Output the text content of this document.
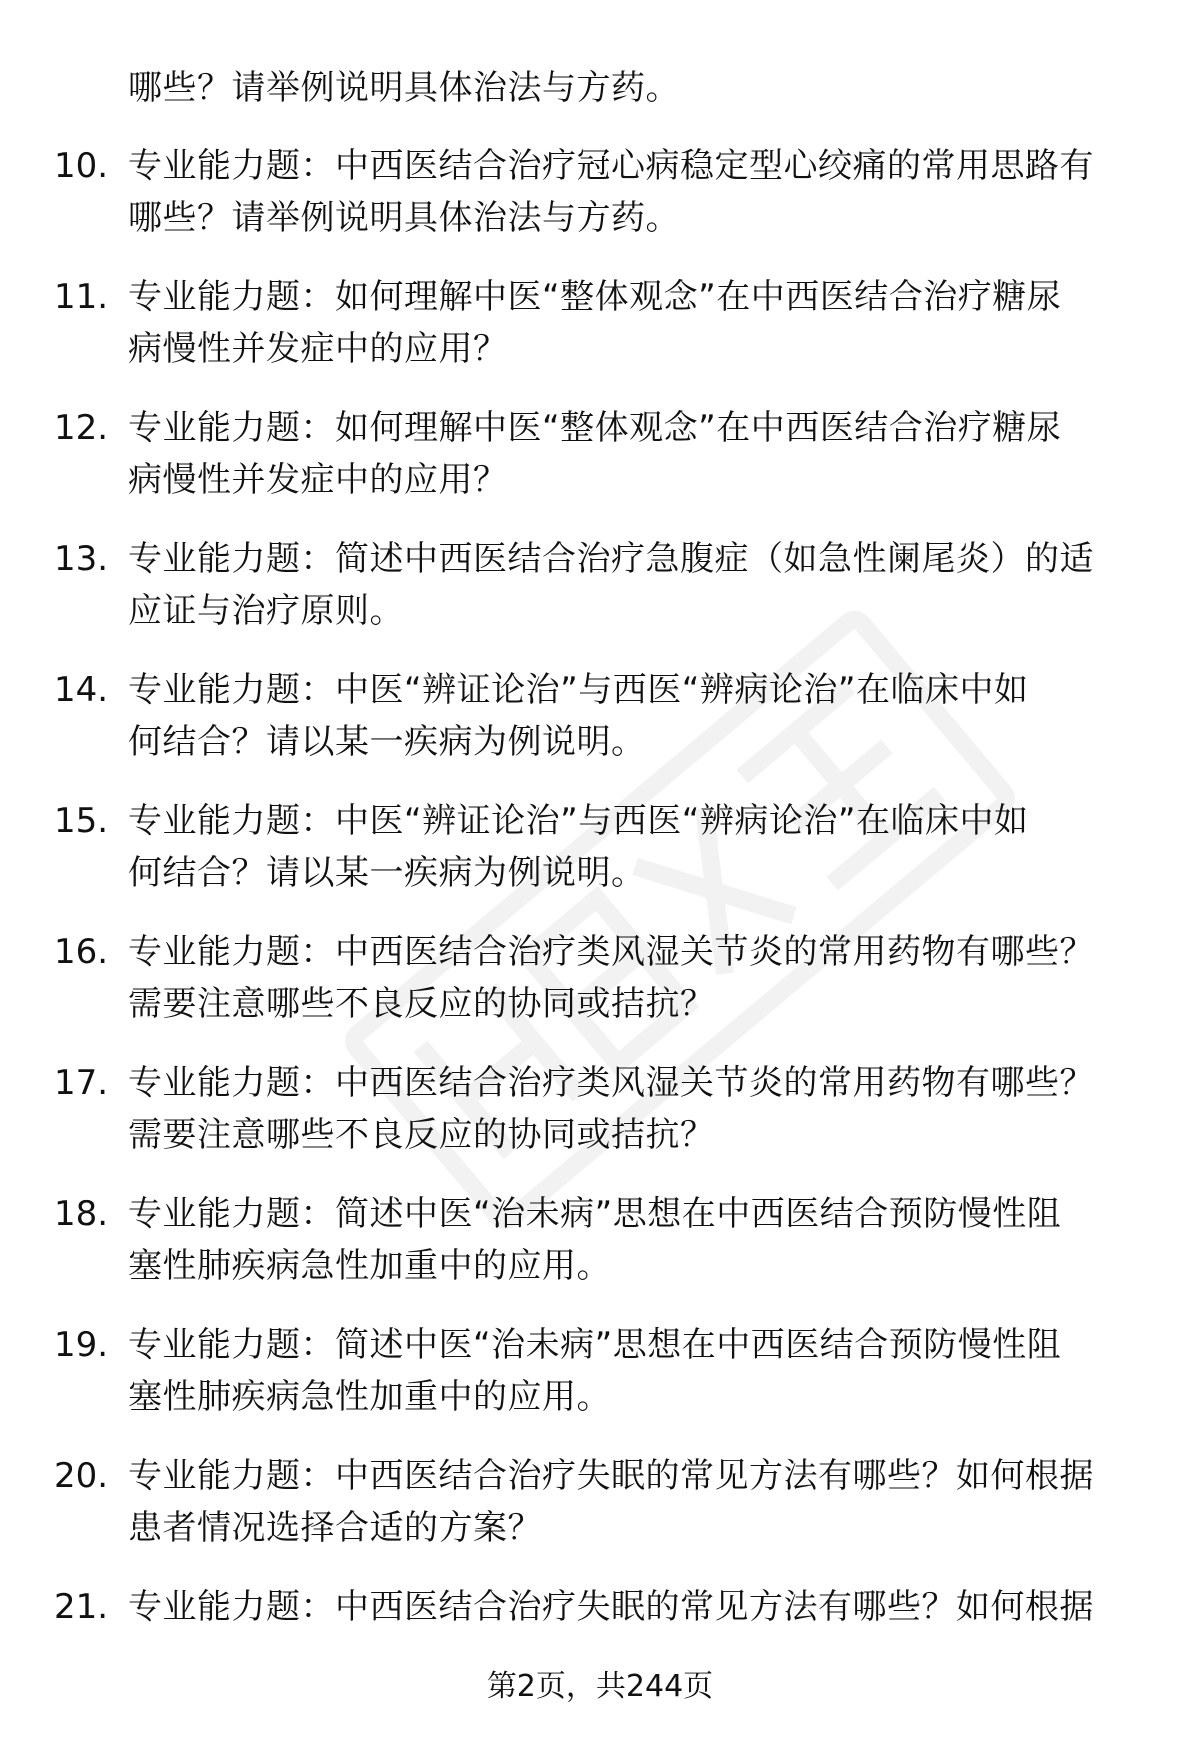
哪些？请举例说明具体治法与方药。
10. 专业能力题：中西医结合治疗冠心病稳定型心绞痛的常用思路有
哪些？请举例说明具体治法与方药。
11. 专业能力题：如何理解中医“整体观念”在中西医结合治疗糖尿
病慢性并发症中的应用？
12. 专业能力题：如何理解中医“整体观念”在中西医结合治疗糖尿
病慢性并发症中的应用？
13. 专业能力题：简述中西医结合治疗急腹症（如急性阑尾炎）的适
应证与治疗原则。
14. 专业能力题：中医“辨证论治”与西医“辨病论治”在临床中如
何结合？请以某一疾病为例说明。
15. 专业能力题：中医“辨证论治”与西医“辨病论治”在临床中如
何结合？请以某一疾病为例说明。
16. 专业能力题：中西医结合治疗类风湿关节炎的常用药物有哪些？
需要注意哪些不良反应的协同或拮抗？
17. 专业能力题：中西医结合治疗类风湿关节炎的常用药物有哪些？
需要注意哪些不良反应的协同或拮抗？
18. 专业能力题：简述中医“治未病”思想在中西医结合预防慢性阻
塞性肺疾病急性加重中的应用。
19. 专业能力题：简述中医“治未病”思想在中西医结合预防慢性阻
塞性肺疾病急性加重中的应用。
20. 专业能力题：中西医结合治疗失眠的常见方法有哪些？如何根据
患者情况选择合适的方案？
21. 专业能力题：中西医结合治疗失眠的常见方法有哪些？如何根据
第2页，共244页
